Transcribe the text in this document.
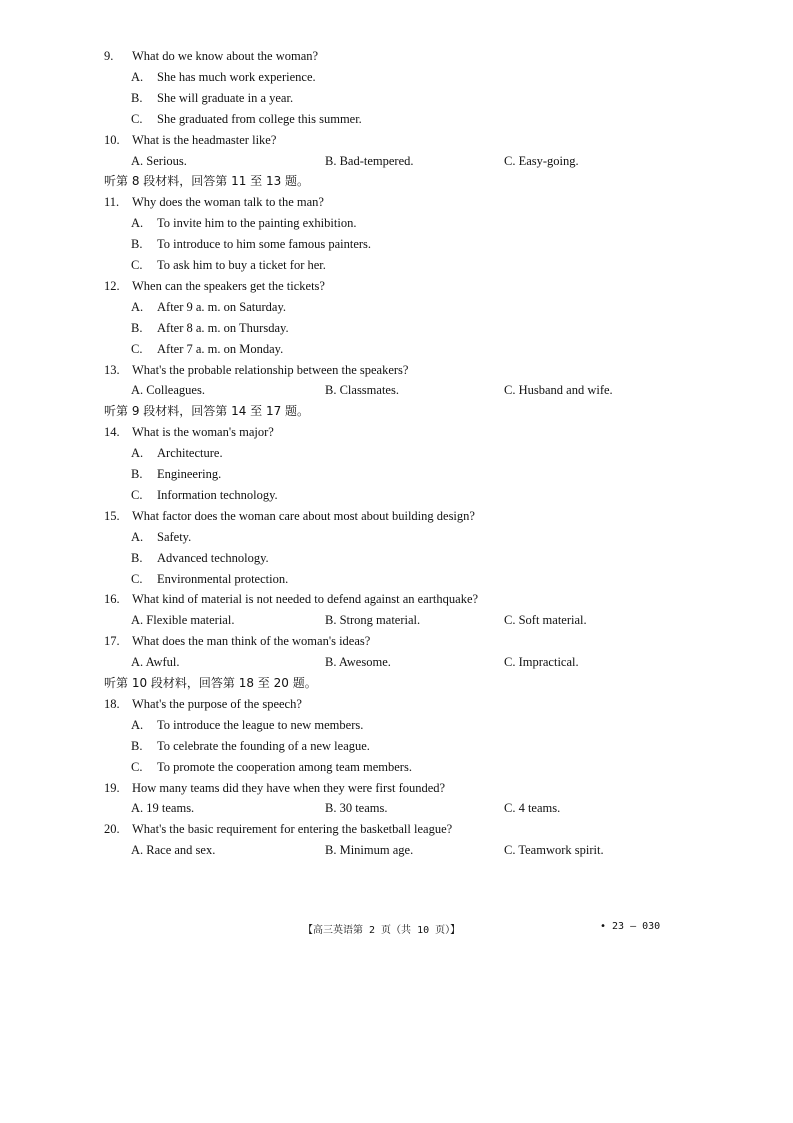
9. What do we know about the woman?
A. She has much work experience.
B. She will graduate in a year.
C. She graduated from college this summer.
10. What is the headmaster like?
A. Serious.	B. Bad-tempered.	C. Easy-going.
听第 8 段材料，回答第 11 至 13 题。
11. Why does the woman talk to the man?
A. To invite him to the painting exhibition.
B. To introduce to him some famous painters.
C. To ask him to buy a ticket for her.
12. When can the speakers get the tickets?
A. After 9 a. m. on Saturday.
B. After 8 a. m. on Thursday.
C. After 7 a. m. on Monday.
13. What's the probable relationship between the speakers?
A. Colleagues.	B. Classmates.	C. Husband and wife.
听第 9 段材料，回答第 14 至 17 题。
14. What is the woman's major?
A. Architecture.
B. Engineering.
C. Information technology.
15. What factor does the woman care about most about building design?
A. Safety.
B. Advanced technology.
C. Environmental protection.
16. What kind of material is not needed to defend against an earthquake?
A. Flexible material.	B. Strong material.	C. Soft material.
17. What does the man think of the woman's ideas?
A. Awful.	B. Awesome.	C. Impractical.
听第 10 段材料，回答第 18 至 20 题。
18. What's the purpose of the speech?
A. To introduce the league to new members.
B. To celebrate the founding of a new league.
C. To promote the cooperation among team members.
19. How many teams did they have when they were first founded?
A. 19 teams.	B. 30 teams.	C. 4 teams.
20. What's the basic requirement for entering the basketball league?
A. Race and sex.	B. Minimum age.	C. Teamwork spirit.
【高三英语第 2 页（共 10 页）】	• 23 — 030
